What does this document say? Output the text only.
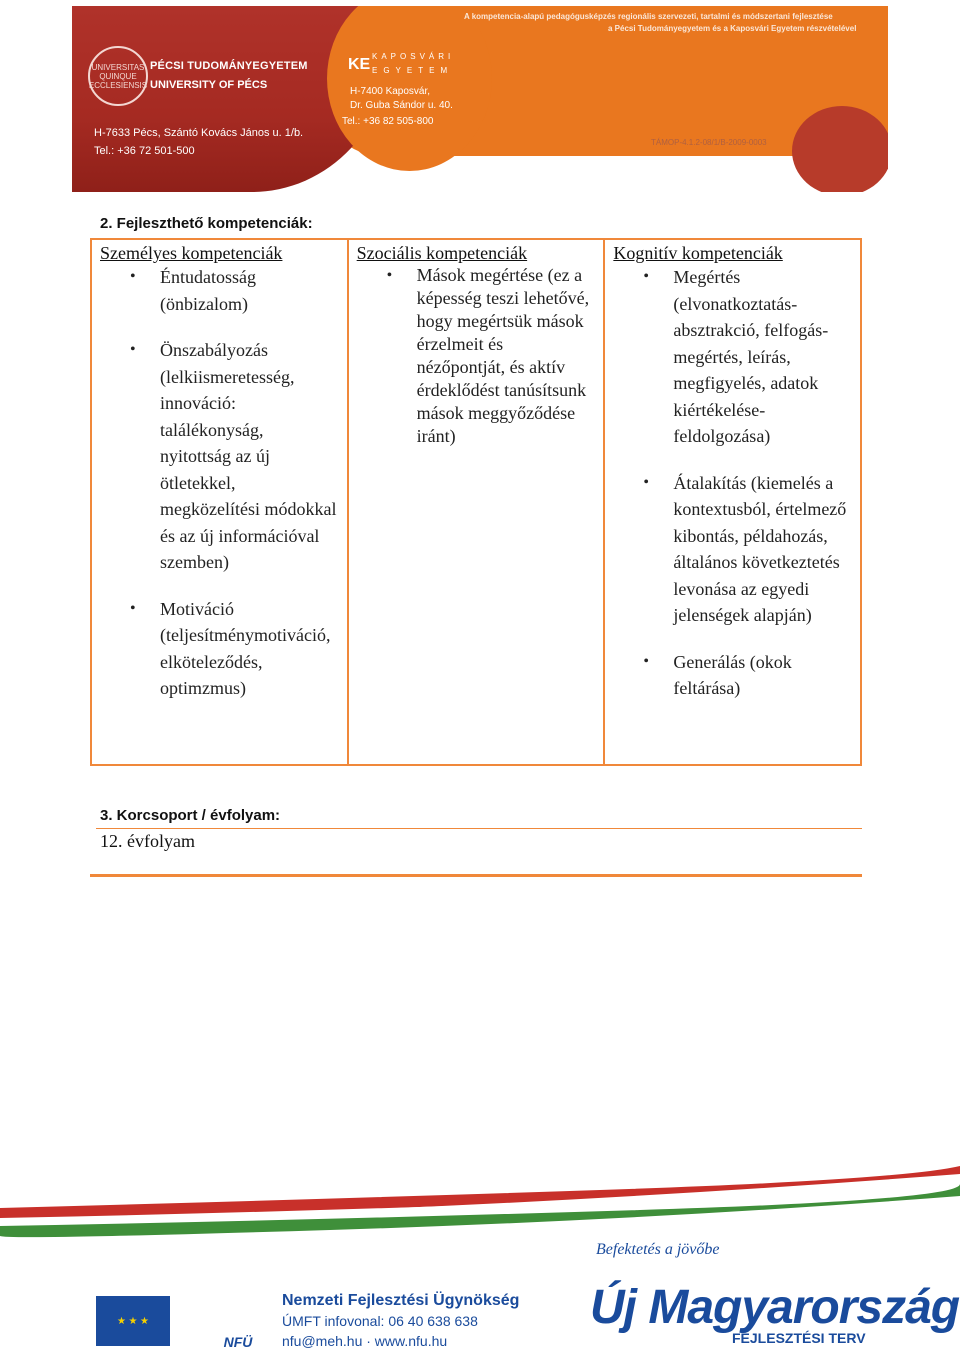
UNIVERSITAS QUINQUE ECCLESIENSIS
PÉCSI TUDOMÁNYEGYETEM
UNIVERSITY OF PÉCS
H-7633 Pécs, Szántó Kovács János u. 1/b.
Tel.: +36 72 501-500
KE KAPOSVÁRI
EGYETEM
H-7400 Kaposvár,
Dr. Guba Sándor u. 40.
Tel.: +36 82 505-800
A kompetencia-alapú pedagógusképzés regionális szervezeti, tartalmi és módszertani fejlesztése
a Pécsi Tudományegyetem és a Kaposvári Egyetem részvételével
TÁMOP-4.1.2-08/1/B-2009-0003
2. Fejleszthető kompetenciák:
Személyes kompetenciák
• Éntudatosság (önbizalom)
• Önszabályozás (lelkiismeretesség, innováció: találékonyság, nyitottság az új ötletekkel, megközelítési módokkal és az új információval szemben)
• Motiváció (teljesítménymotiváció, elköteleződés, optimzmus)
Szociális kompetenciák
• Mások megértése (ez a képesség teszi lehetővé, hogy megértsük mások érzelmeit és nézőpontját, és aktív érdeklődést tanúsítsunk mások meggyőződése iránt)
Kognitív kompetenciák
• Megértés (elvonatkoztatás-absztrakció, felfogás-megértés, leírás, megfigyelés, adatok kiértékelése-feldolgozása)
• Átalakítás (kiemelés a kontextusból, értelmező kibontás, példahozás, általános következtetés levonása az egyedi jelenségek alapján)
• Generálás (okok feltárása)
3. Korcsoport / évfolyam:
12. évfolyam
★ ★ ★
NFÜ
Nemzeti Fejlesztési Ügynökség
ÚMFT infovonal: 06 40 638 638
nfu@meh.hu · www.nfu.hu
Befektetés a jövőbe
Új Magyarország
FEJLESZTÉSI TERV
